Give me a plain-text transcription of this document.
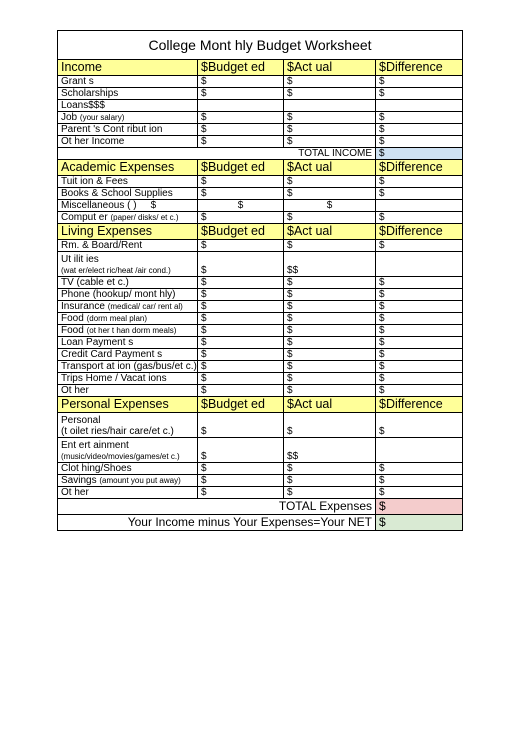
College Mont hly Budget Worksheet			
Income	$Budget ed	$Act ual	$Difference
Grant s	$	$	$
Scholarships	$	$	$
Loans$$$			
Job (your salary)	$	$	$
Parent 's Cont ribut ion	$	$	$
Ot her Income	$	$	$
TOTAL INCOME			$
Academic Expenses	$Budget ed	$Act ual	$Difference
Tuit ion & Fees	$	$	$
Books & School Supplies	$	$	$
Miscellaneous ( ) $	$	$	
Comput er (paper/ disks/ et c.)	$	$	$
Living Expenses	$Budget ed	$Act ual	$Difference
Rm. & Board/Rent	$	$	$
Ut ilit ies
(wat er/elect ric/heat /air cond.)	$	$$	
TV (cable et c.)	$	$	$
Phone (hookup/ mont hly)	$	$	$
Insurance (medical/ car/ rent al)	$	$	$
Food (dorm meal plan)	$	$	$
Food (ot her t han dorm meals)	$	$	$
Loan Payment s	$	$	$
Credit Card Payment s	$	$	$
Transport at ion (gas/bus/et c.)	$	$	$
Trips Home / Vacat ions	$	$	$
Ot her	$	$	$
Personal Expenses	$Budget ed	$Act ual	$Difference
Personal
(t oilet ries/hair care/et c.)	$	$	$
Ent ert ainment
(music/video/movies/games/et c.)	$	$$	
Clot hing/Shoes	$	$	$
Savings (amount you put away)	$	$	$
Ot her	$	$	$
TOTAL Expenses			$
Your Income minus Your Expenses=Your NET			$
